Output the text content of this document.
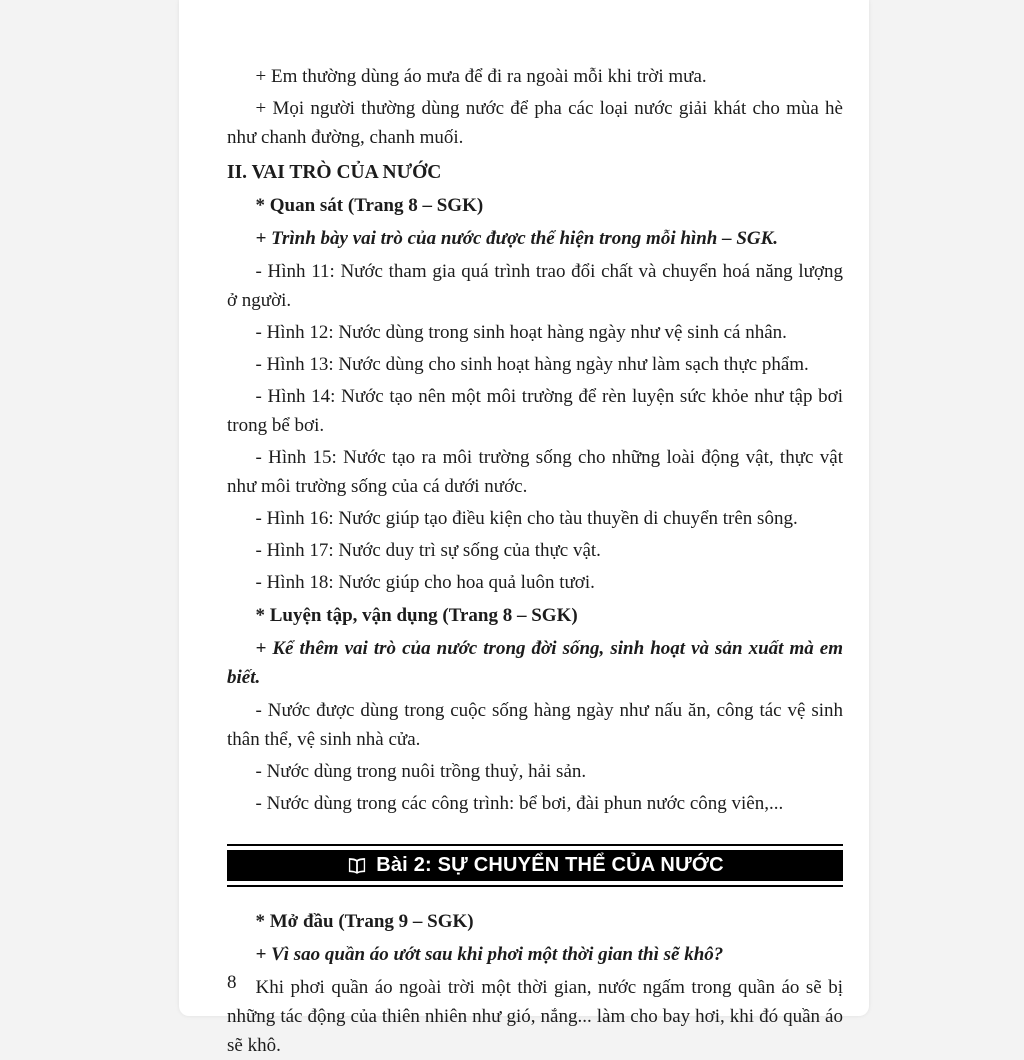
+ Em thường dùng áo mưa để đi ra ngoài mỗi khi trời mưa.

+ Mọi người thường dùng nước để pha các loại nước giải khát cho mùa hè như chanh đường, chanh muối.

II. VAI TRÒ CỦA NƯỚC

* Quan sát (Trang 8 – SGK)

+ Trình bày vai trò của nước được thể hiện trong mỗi hình – SGK.

- Hình 11: Nước tham gia quá trình trao đổi chất và chuyển hoá năng lượng ở người.

- Hình 12: Nước dùng trong sinh hoạt hàng ngày như vệ sinh cá nhân.

- Hình 13: Nước dùng cho sinh hoạt hàng ngày như làm sạch thực phẩm.

- Hình 14: Nước tạo nên một môi trường để rèn luyện sức khỏe như tập bơi trong bể bơi.

- Hình 15: Nước tạo ra môi trường sống cho những loài động vật, thực vật như môi trường sống của cá dưới nước.

- Hình 16: Nước giúp tạo điều kiện cho tàu thuyền di chuyển trên sông.

- Hình 17: Nước duy trì sự sống của thực vật.

- Hình 18: Nước giúp cho hoa quả luôn tươi.

* Luyện tập, vận dụng (Trang 8 – SGK)

+ Kể thêm vai trò của nước trong đời sống, sinh hoạt và sản xuất mà em biết.

- Nước được dùng trong cuộc sống hàng ngày như nấu ăn, công tác vệ sinh thân thể, vệ sinh nhà cửa.

- Nước dùng trong nuôi trồng thuỷ, hải sản.

- Nước dùng trong các công trình: bể bơi, đài phun nước công viên,...

Bài 2: SỰ CHUYỂN THỂ CỦA NƯỚC

* Mở đầu (Trang 9 – SGK)

+ Vì sao quần áo ướt sau khi phơi một thời gian thì sẽ khô?

Khi phơi quần áo ngoài trời một thời gian, nước ngấm trong quần áo sẽ bị những tác động của thiên nhiên như gió, nắng... làm cho bay hơi, khi đó quần áo sẽ khô.

8
